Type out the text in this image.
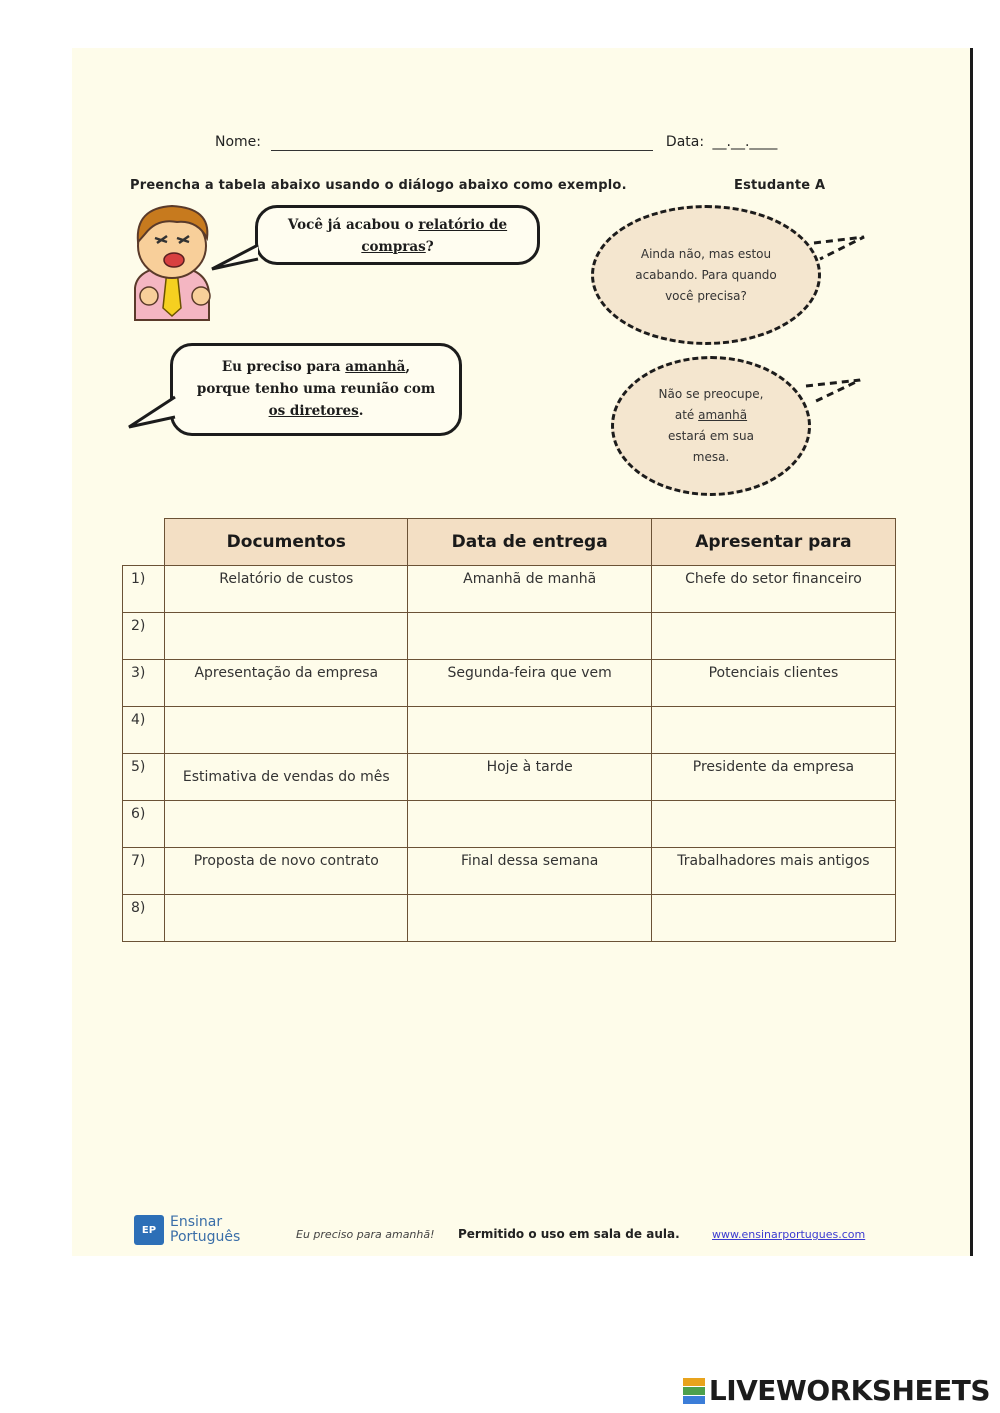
Nome:	Data: __.__.____
Preencha a tabela abaixo usando o diálogo abaixo como exemplo.	Estudante A
Você já acabou o relatório de compras?	Ainda não, mas estou acabando. Para quando você precisa?
Eu preciso para amanhã, porque tenho uma reunião com os diretores.
Não se preocupe, até amanhã estará em sua mesa.
	Documentos	Data de entrega	Apresentar para
1)	Relatório de custos	Amanhã de manhã	Chefe do setor financeiro
2)			
3)	Apresentação da empresa	Segunda-feira que vem	Potenciais clientes
4)			
5)	Estimativa de vendas do mês	Hoje à tarde	Presidente da empresa
6)			
7)	Proposta de novo contrato	Final dessa semana	Trabalhadores mais antigos
8)			
EP Ensinar
Português	Eu preciso para amanhã! Permitido o uso em sala de aula.	www.ensinarportugues.com
LIVEWORKSHEETS
